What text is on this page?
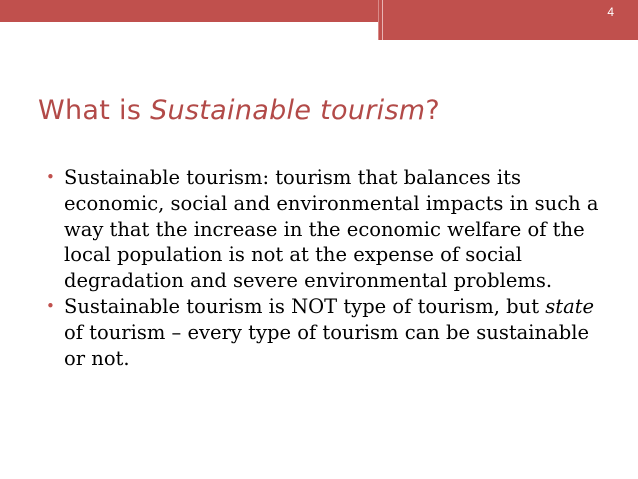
4
What is Sustainable tourism?

• Sustainable tourism: tourism that balances its economic, social and environmental impacts in such a way that the increase in the economic welfare of the local population is not at the expense of social degradation and severe environmental problems.

• Sustainable tourism is NOT type of tourism, but state of tourism – every type of tourism can be sustainable or not.
